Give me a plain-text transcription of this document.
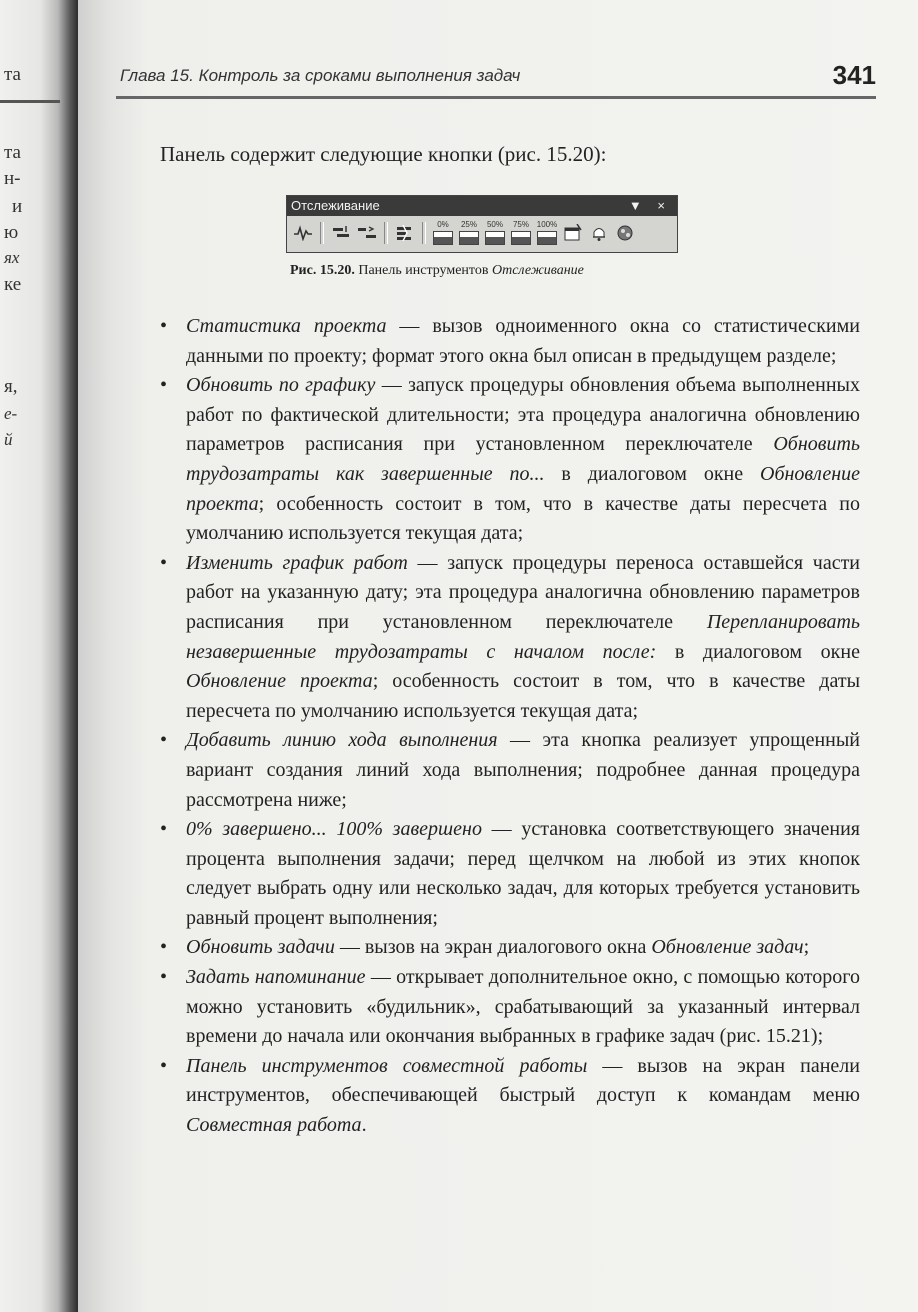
та
та
н-
и
ю
ях
ке
я,
е-
й
Глава 15. Контроль за сроками выполнения задач	341
Панель содержит следующие кнопки (рис. 15.20):
Отслеживание	▼ ×
0% 25% 50% 75% 100%
Рис. 15.20. Панель инструментов Отслеживание
• Статистика проекта — вызов одноименного окна со статистическими данными по проекту; формат этого окна был описан в предыдущем разделе;
• Обновить по графику — запуск процедуры обновления объема выполненных работ по фактической длительности; эта процедура аналогична обновлению параметров расписания при установленном переключателе Обновить трудозатраты как завершенные по... в диалоговом окне Обновление проекта; особенность состоит в том, что в качестве даты пересчета по умолчанию используется текущая дата;
• Изменить график работ — запуск процедуры переноса оставшейся части работ на указанную дату; эта процедура аналогична обновлению параметров расписания при установленном переключателе Перепланировать незавершенные трудозатраты с началом после: в диалоговом окне Обновление проекта; особенность состоит в том, что в качестве даты пересчета по умолчанию используется текущая дата;
• Добавить линию хода выполнения — эта кнопка реализует упрощенный вариант создания линий хода выполнения; подробнее данная процедура рассмотрена ниже;
• 0% завершено... 100% завершено — установка соответствующего значения процента выполнения задачи; перед щелчком на любой из этих кнопок следует выбрать одну или несколько задач, для которых требуется установить равный процент выполнения;
• Обновить задачи — вызов на экран диалогового окна Обновление задач;
• Задать напоминание — открывает дополнительное окно, с помощью которого можно установить «будильник», срабатывающий за указанный интервал времени до начала или окончания выбранных в графике задач (рис. 15.21);
• Панель инструментов совместной работы — вызов на экран панели инструментов, обеспечивающей быстрый доступ к командам меню Совместная работа.
